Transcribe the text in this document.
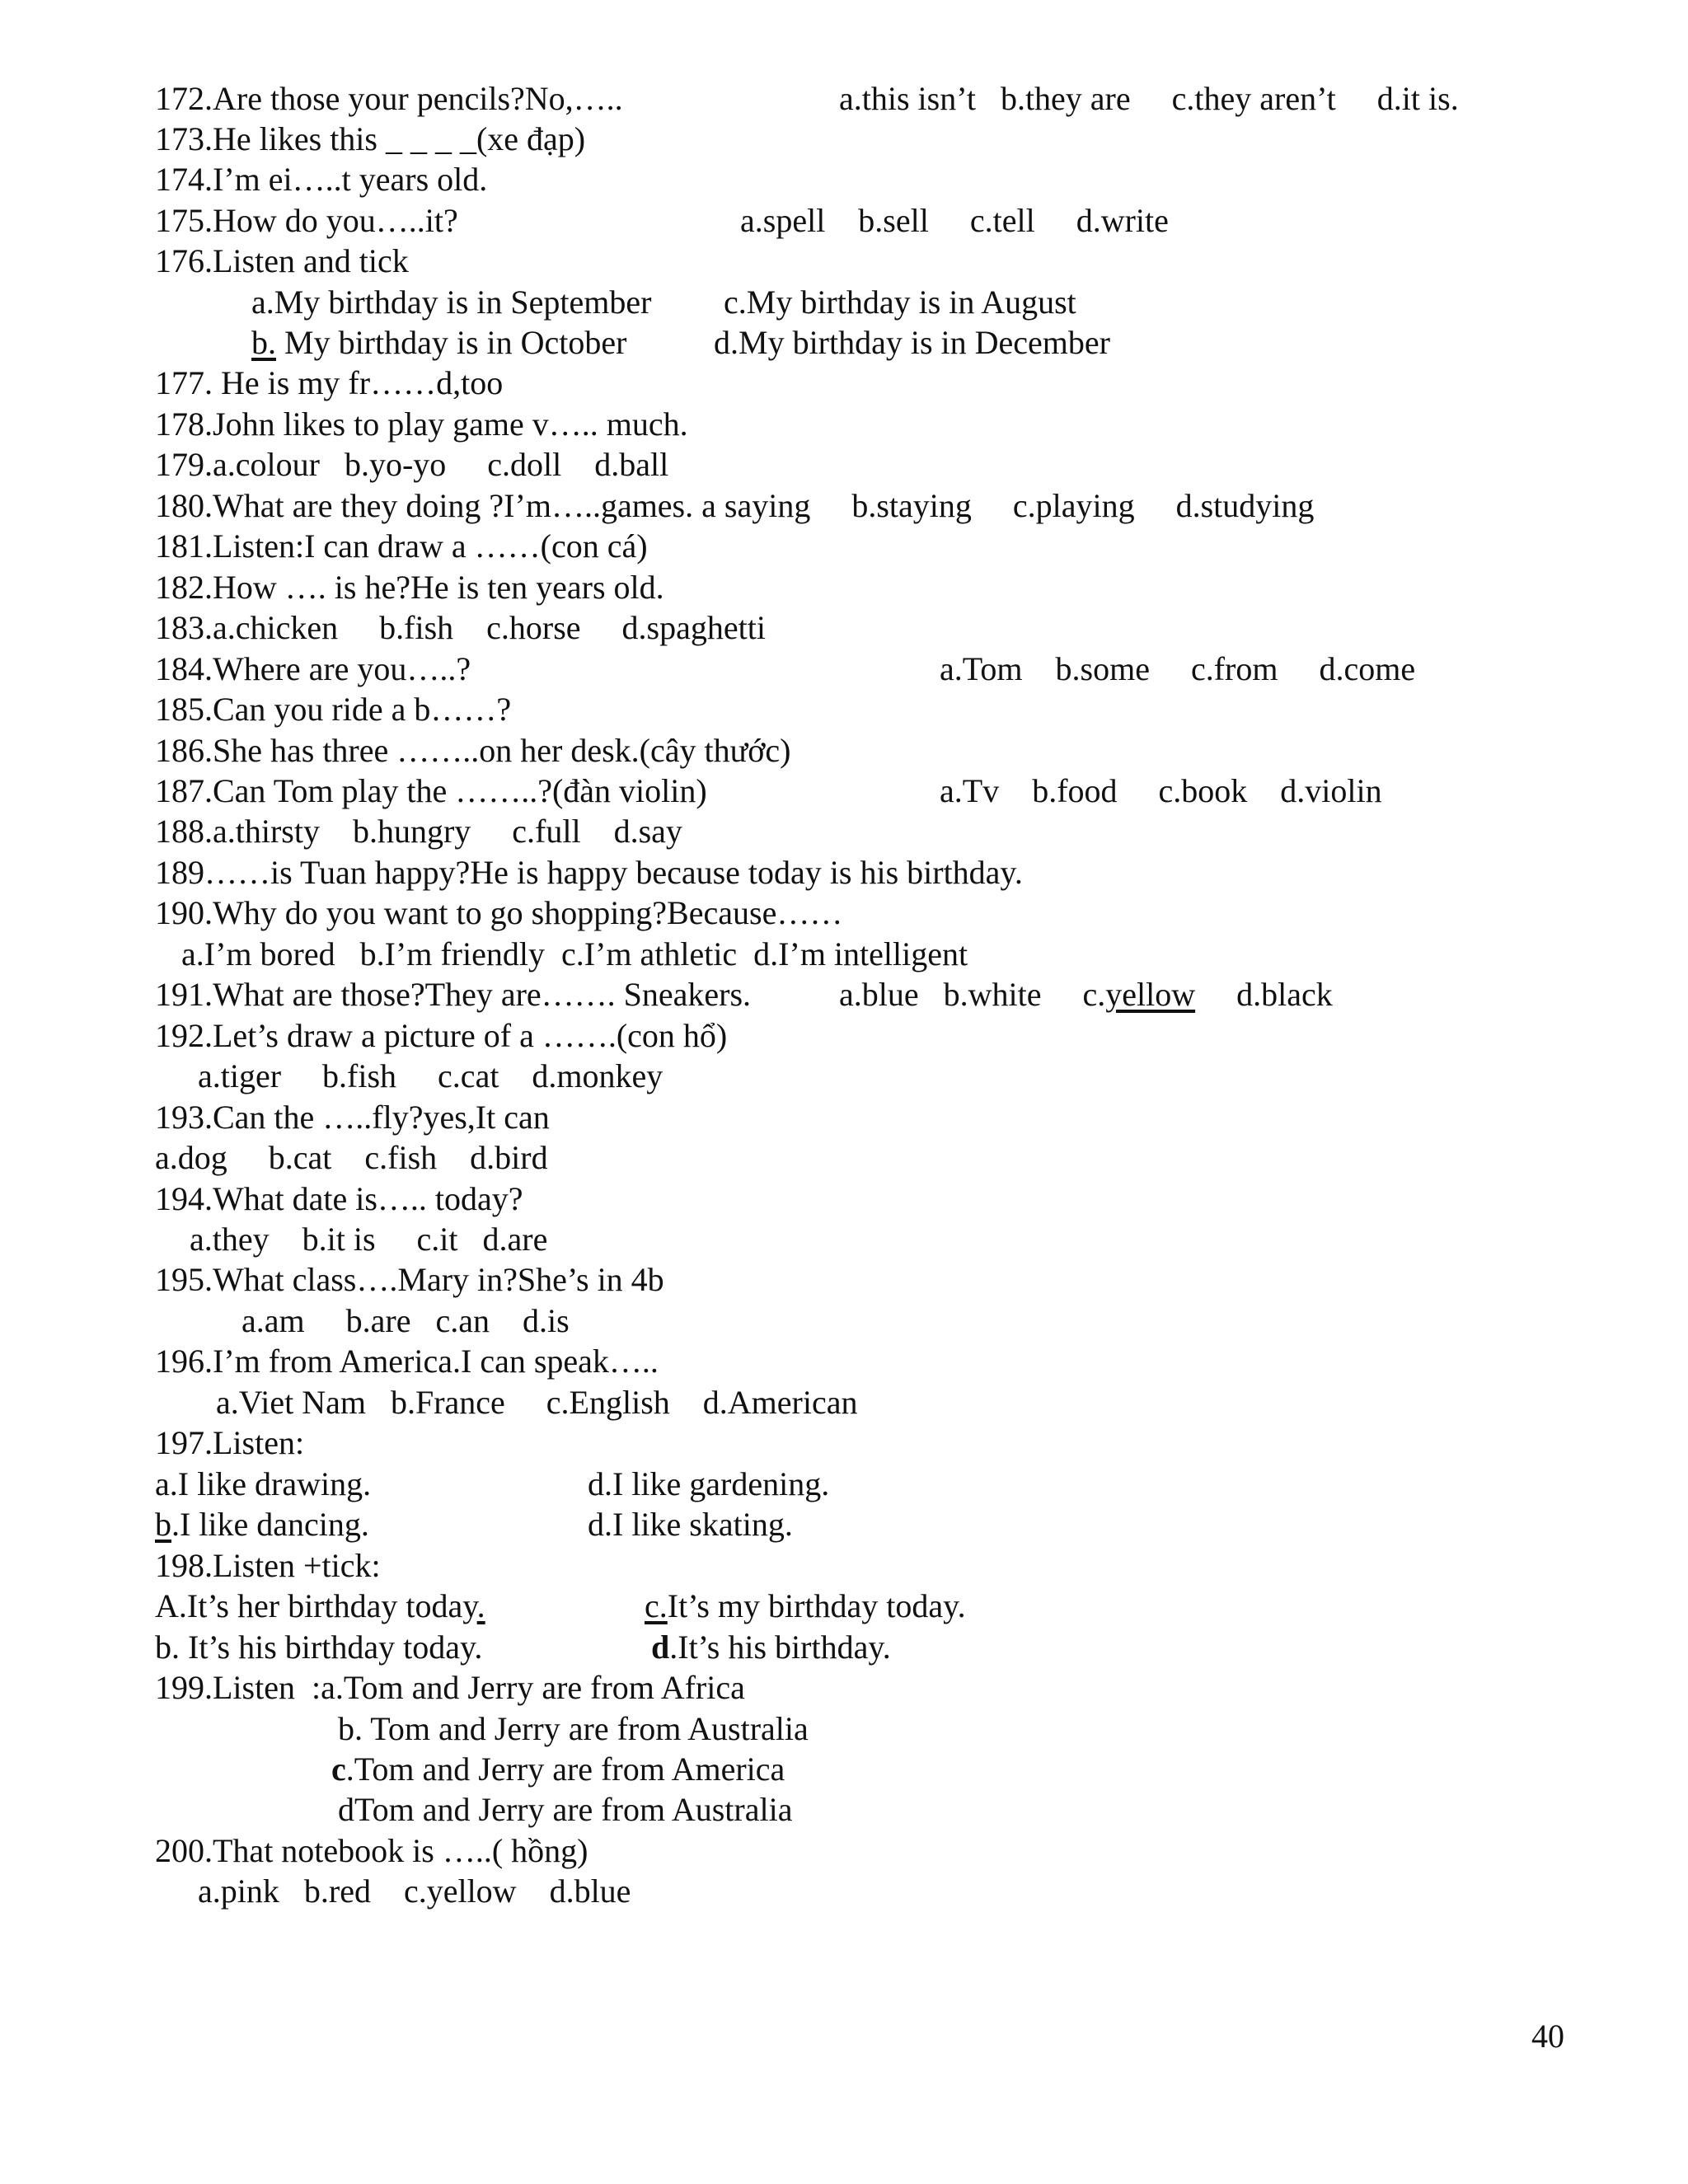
172.Are those your pencils?No,…..	a.this isn’t   b.they are     c.they aren’t     d.it is.
173.He likes this _ _ _ _(xe đạp)
174.I’m ei…..t years old.
175.How do you…..it?	a.spell    b.sell     c.tell     d.write
176.Listen and tick
a.My birthday is in September c.My birthday is in August
b. My birthday is in October	d.My birthday is in December
177. He is my fr……d,too
178.John likes to play game v….. much.
179.a.colour   b.yo-yo     c.doll    d.ball
180.What are they doing ?I’m…..games. a saying     b.staying     c.playing     d.studying
181.Listen:I can draw a ……(con cá)
182.How …. is he?He is ten years old.
183.a.chicken     b.fish    c.horse     d.spaghetti
184.Where are you…..?	a.Tom    b.some     c.from     d.come
185.Can you ride a b……?
186.She has three ……..on her desk.(cây thước)
187.Can Tom play the ……..?(đàn violin)	a.Tv    b.food     c.book    d.violin
188.a.thirsty    b.hungry     c.full    d.say
189……is Tuan happy?He is happy because today is his birthday.
190.Why do you want to go shopping?Because……
a.I’m bored   b.I’m friendly  c.I’m athletic  d.I’m intelligent
191.What are those?They are……. Sneakers.	a.blue   b.white     c.yellow     d.black
192.Let’s draw a picture of a …….(con hổ)
a.tiger     b.fish     c.cat    d.monkey
193.Can the …..fly?yes,It can
a.dog     b.cat    c.fish    d.bird
194.What date is….. today?
a.they    b.it is     c.it   d.are
195.What class….Mary in?She’s in 4b
a.am     b.are   c.an    d.is
196.I’m from America.I can speak…..
a.Viet Nam   b.France     c.English    d.American
197.Listen:
a.I like drawing.	d.I like gardening.
b.I like dancing.	d.I like skating.
198.Listen +tick:
A.It’s her birthday today.	c.It’s my birthday today.
b. It’s his birthday today.	d.It’s his birthday.
199.Listen  :a.Tom and Jerry are from Africa
b. Tom and Jerry are from Australia
c.Tom and Jerry are from America
dTom and Jerry are from Australia
200.That notebook is …..( hồng)
a.pink   b.red    c.yellow    d.blue
40
